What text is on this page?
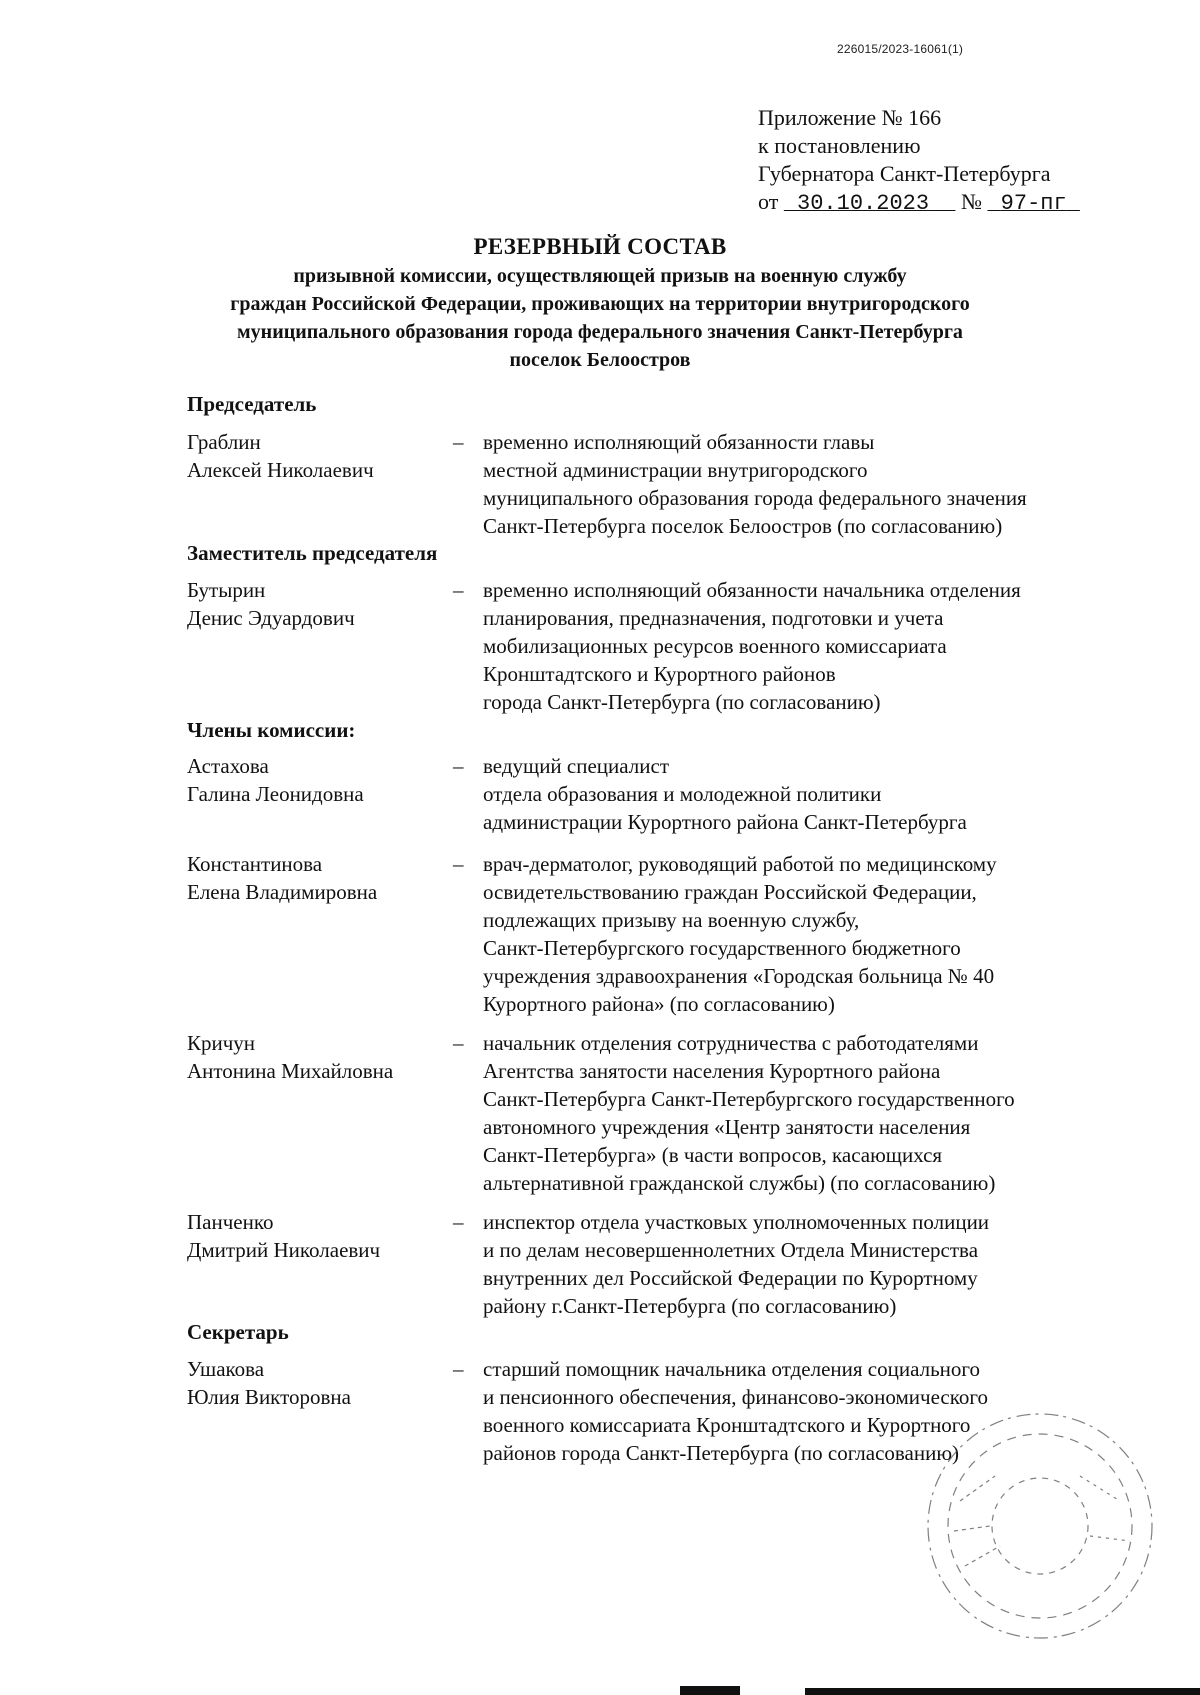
226015/2023-16061(1)
Приложение № 166
к постановлению
Губернатора Санкт-Петербурга
от 30.10.2023 № 97-пг
РЕЗЕРВНЫЙ СОСТАВ
призывной комиссии, осуществляющей призыв на военную службу
граждан Российской Федерации, проживающих на территории внутригородского
муниципального образования города федерального значения Санкт-Петербурга
поселок Белоостров
Председатель
Граблин
Алексей Николаевич
– временно исполняющий обязанности главы
местной администрации внутригородского
муниципального образования города федерального значения
Санкт-Петербурга поселок Белоостров (по согласованию)
Заместитель председателя
Бутырин
Денис Эдуардович
– временно исполняющий обязанности начальника отделения
планирования, предназначения, подготовки и учета
мобилизационных ресурсов военного комиссариата
Кронштадтского и Курортного районов
города Санкт-Петербурга (по согласованию)
Члены комиссии:
Астахова
Галина Леонидовна
– ведущий специалист
отдела образования и молодежной политики
администрации Курортного района Санкт-Петербурга
Константинова
Елена Владимировна
– врач-дерматолог, руководящий работой по медицинскому
освидетельствованию граждан Российской Федерации,
подлежащих призыву на военную службу,
Санкт-Петербургского государственного бюджетного
учреждения здравоохранения «Городская больница № 40
Курортного района» (по согласованию)
Кричун
Антонина Михайловна
– начальник отделения сотрудничества с работодателями
Агентства занятости населения Курортного района
Санкт-Петербурга Санкт-Петербургского государственного
автономного учреждения «Центр занятости населения
Санкт-Петербурга» (в части вопросов, касающихся
альтернативной гражданской службы) (по согласованию)
Панченко
Дмитрий Николаевич
– инспектор отдела участковых уполномоченных полиции
и по делам несовершеннолетних Отдела Министерства
внутренних дел Российской Федерации по Курортному
району г.Санкт-Петербурга (по согласованию)
Секретарь
Ушакова
Юлия Викторовна
– старший помощник начальника отделения социального
и пенсионного обеспечения, финансово-экономического
военного комиссариата Кронштадтского и Курортного
районов города Санкт-Петербурга (по согласованию)
